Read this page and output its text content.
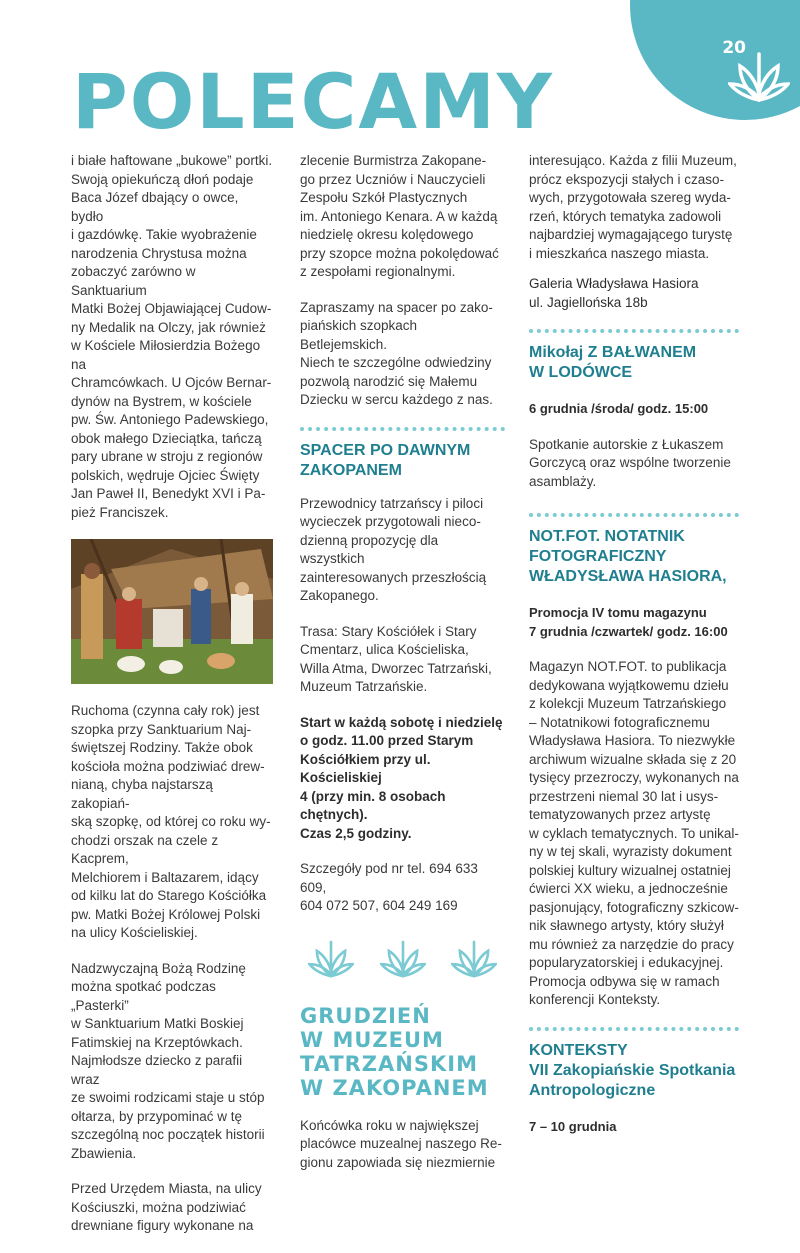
20
POLECAMY

i białe haftowane „bukowe” portki.
Swoją opiekuńczą dłoń podaje
Baca Józef dbający o owce, bydło
i gazdówkę. Takie wyobrażenie
narodzenia Chrystusa można
zobaczyć zarówno w Sanktuarium
Matki Bożej Objawiającej Cudow-
ny Medalik na Olczy, jak również
w Kościele Miłosierdzia Bożego na
Chramcówkach. U Ojców Bernar-
dynów na Bystrem, w kościele
pw. Św. Antoniego Padewskiego,
obok małego Dzieciątka, tańczą
pary ubrane w stroju z regionów
polskich, wędruje Ojciec Święty
Jan Paweł II, Benedykt XVI i Pa-
pież Franciszek.

Ruchoma (czynna cały rok) jest
szopka przy Sanktuarium Naj-
świętszej Rodziny. Także obok
kościoła można podziwiać drew-
nianą, chyba najstarszą zakopiań-
ską szopkę, od której co roku wy-
chodzi orszak na czele z Kacprem,
Melchiorem i Baltazarem, idący
od kilku lat do Starego Kościółka
pw. Matki Bożej Królowej Polski
na ulicy Kościeliskiej.

Nadzwyczajną Bożą Rodzinę
można spotkać podczas „Pasterki”
w Sanktuarium Matki Boskiej
Fatimskiej na Krzeptówkach.
Najmłodsze dziecko z parafii wraz
ze swoimi rodzicami staje u stóp
ołtarza, by przypominać w tę
szczególną noc początek historii
Zbawienia.

Przed Urzędem Miasta, na ulicy
Kościuszki, można podziwiać
drewniane figury wykonane na

zlecenie Burmistrza Zakopane-
go przez Uczniów i Nauczycieli
Zespołu Szkół Plastycznych
im. Antoniego Kenara. A w każdą
niedzielę okresu kolędowego
przy szopce można pokolędować
z zespołami regionalnymi.

Zapraszamy na spacer po zako-
piańskich szopkach Betlejemskich.
Niech te szczególne odwiedziny
pozwolą narodzić się Małemu
Dziecku w sercu każdego z nas.

SPACER PO DAWNYM
ZAKOPANEM

Przewodnicy tatrzańscy i piloci
wycieczek przygotowali nieco-
dzienną propozycję dla wszystkich
zainteresowanych przeszłością
Zakopanego.

Trasa: Stary Kościółek i Stary
Cmentarz, ulica Kościeliska,
Willa Atma, Dworzec Tatrzański,
Muzeum Tatrzańskie.

Start w każdą sobotę i niedzielę
o godz. 11.00 przed Starym
Kościółkiem przy ul. Kościeliskiej
4 (przy min. 8 osobach chętnych).
Czas 2,5 godziny.

Szczegóły pod nr tel. 694 633 609,
604 072 507, 604 249 169

GRUDZIEŃ
W MUZEUM
TATRZAŃSKIM
W ZAKOPANEM

Końcówka roku w największej
placówce muzealnej naszego Re-
gionu zapowiada się niezmiernie

interesująco. Każda z filii Muzeum,
prócz ekspozycji stałych i czaso-
wych, przygotowała szereg wyda-
rzeń, których tematyka zadowoli
najbardziej wymagającego turystę
i mieszkańca naszego miasta.

Galeria Władysława Hasiora
ul. Jagiellońska 18b

Mikołaj Z BAŁWANEM
W LODÓWCE

6 grudnia /środa/ godz. 15:00

Spotkanie autorskie z Łukaszem
Gorczycą oraz wspólne tworzenie
asamblaży.

NOT.FOT. NOTATNIK
FOTOGRAFICZNY
WŁADYSŁAWA HASIORA,

Promocja IV tomu magazynu
7 grudnia /czwartek/ godz. 16:00

Magazyn NOT.FOT. to publikacja
dedykowana wyjątkowemu dziełu
z kolekcji Muzeum Tatrzańskiego
– Notatnikowi fotograficznemu
Władysława Hasiora. To niezwykłe
archiwum wizualne składa się z 20
tysięcy przezroczy, wykonanych na
przestrzeni niemal 30 lat i usys-
tematyzowanych przez artystę
w cyklach tematycznych. To unikal-
ny w tej skali, wyrazisty dokument
polskiej kultury wizualnej ostatniej
ćwierci XX wieku, a jednocześnie
pasjonujący, fotograficzny szkicow-
nik sławnego artysty, który służył
mu również za narzędzie do pracy
popularyzatorskiej i edukacyjnej.
Promocja odbywa się w ramach
konferencji Konteksty.

KONTEKSTY
VII Zakopiańskie Spotkania
Antropologiczne

7 – 10 grudnia
